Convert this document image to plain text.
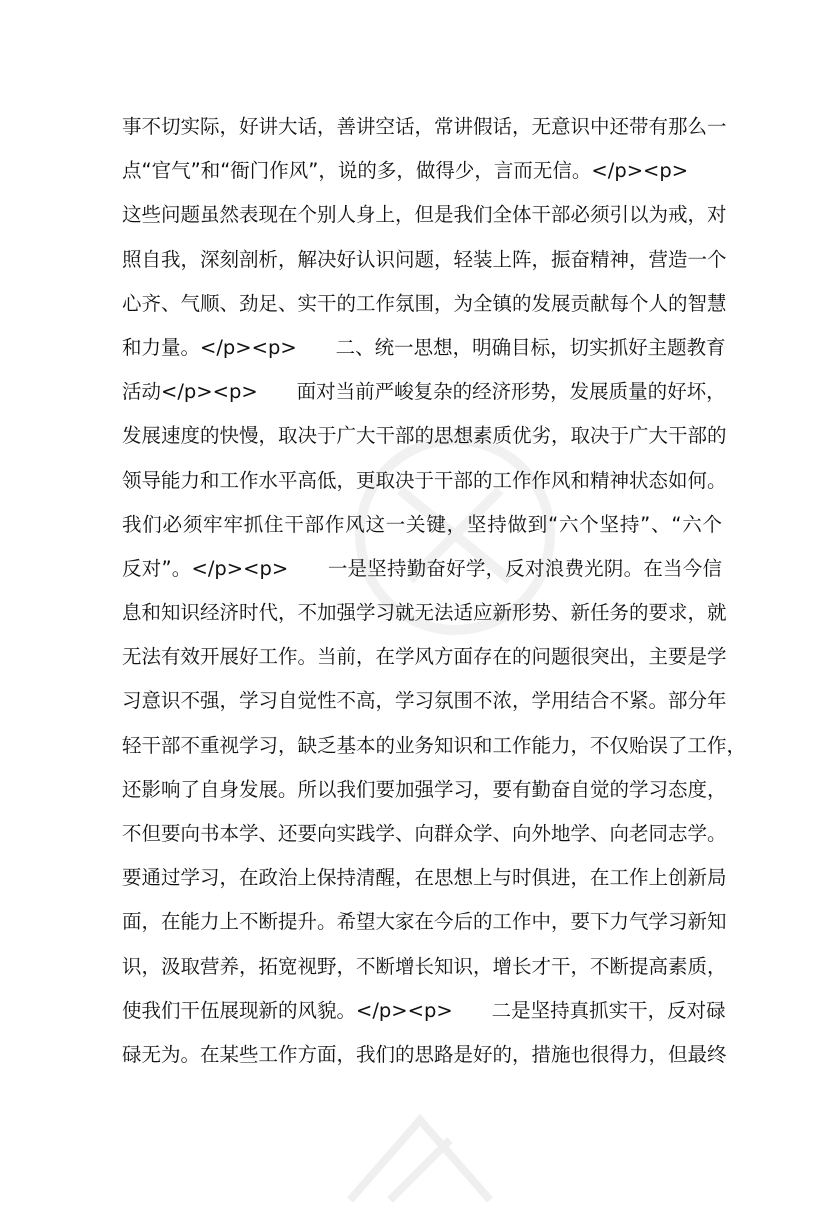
事不切实际，好讲大话，善讲空话，常讲假话，无意识中还带有那么一
点“官气”和“衙门作风”，说的多，做得少，言而无信。</p><p>
这些问题虽然表现在个别人身上，但是我们全体干部必须引以为戒，对
照自我，深刻剖析，解决好认识问题，轻装上阵，振奋精神，营造一个
心齐、气顺、劲足、实干的工作氛围，为全镇的发展贡献每个人的智慧
和力量。</p><p>　　二、统一思想，明确目标，切实抓好主题教育
活动</p><p>　　面对当前严峻复杂的经济形势，发展质量的好坏，
发展速度的快慢，取决于广大干部的思想素质优劣，取决于广大干部的
领导能力和工作水平高低，更取决于干部的工作作风和精神状态如何。
我们必须牢牢抓住干部作风这一关键，坚持做到“六个坚持”、“六个
反对”。</p><p>　　一是坚持勤奋好学，反对浪费光阴。在当今信
息和知识经济时代，不加强学习就无法适应新形势、新任务的要求，就
无法有效开展好工作。当前，在学风方面存在的问题很突出，主要是学
习意识不强，学习自觉性不高，学习氛围不浓，学用结合不紧。部分年
轻干部不重视学习，缺乏基本的业务知识和工作能力，不仅贻误了工作，
还影响了自身发展。所以我们要加强学习，要有勤奋自觉的学习态度，
不但要向书本学、还要向实践学、向群众学、向外地学、向老同志学。
要通过学习，在政治上保持清醒，在思想上与时俱进，在工作上创新局
面，在能力上不断提升。希望大家在今后的工作中，要下力气学习新知
识，汲取营养，拓宽视野，不断增长知识，增长才干，不断提高素质，
使我们干伍展现新的风貌。</p><p>　　二是坚持真抓实干，反对碌
碌无为。在某些工作方面，我们的思路是好的，措施也很得力，但最终
